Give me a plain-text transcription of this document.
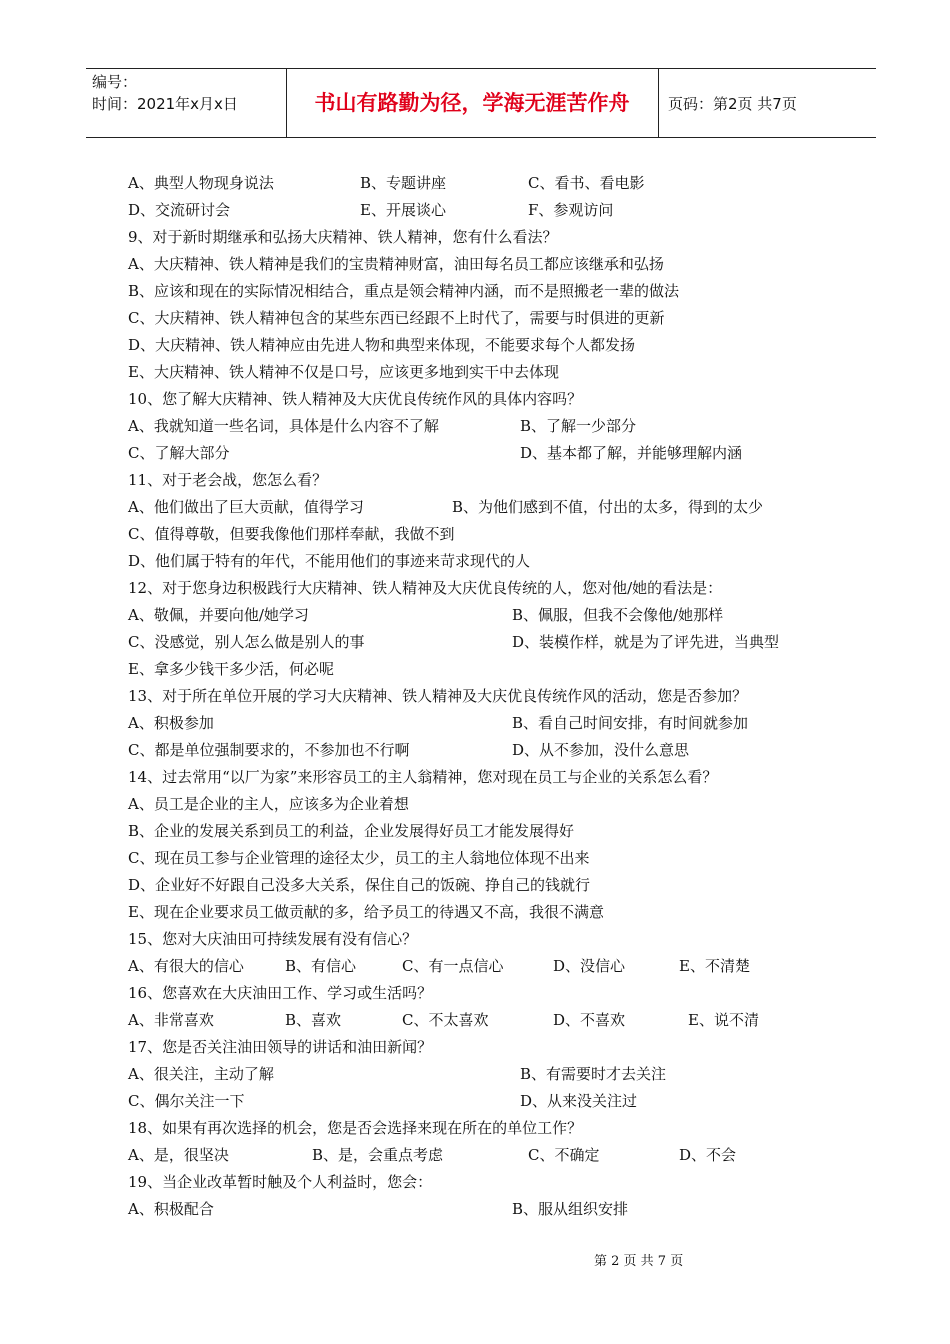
编号：
时间：2021年x月x日	书山有路勤为径，学海无涯苦作舟	页码：第2页 共7页
A、典型人物现身说法	B、专题讲座	C、看书、看电影
D、交流研讨会	E、开展谈心	F、参观访问
9、对于新时期继承和弘扬大庆精神、铁人精神，您有什么看法？
A、大庆精神、铁人精神是我们的宝贵精神财富，油田每名员工都应该继承和弘扬
B、应该和现在的实际情况相结合，重点是领会精神内涵，而不是照搬老一辈的做法
C、大庆精神、铁人精神包含的某些东西已经跟不上时代了，需要与时俱进的更新
D、大庆精神、铁人精神应由先进人物和典型来体现，不能要求每个人都发扬
E、大庆精神、铁人精神不仅是口号，应该更多地到实干中去体现
10、您了解大庆精神、铁人精神及大庆优良传统作风的具体内容吗？
A、我就知道一些名词，具体是什么内容不了解	B、了解一少部分
C、了解大部分	D、基本都了解，并能够理解内涵
11、对于老会战，您怎么看？
A、他们做出了巨大贡献，值得学习	B、为他们感到不值，付出的太多，得到的太少
C、值得尊敬，但要我像他们那样奉献，我做不到
D、他们属于特有的年代，不能用他们的事迹来苛求现代的人
12、对于您身边积极践行大庆精神、铁人精神及大庆优良传统的人，您对他/她的看法是：
A、敬佩，并要向他/她学习	B、佩服，但我不会像他/她那样
C、没感觉，别人怎么做是别人的事	D、装模作样，就是为了评先进，当典型
E、拿多少钱干多少活，何必呢
13、对于所在单位开展的学习大庆精神、铁人精神及大庆优良传统作风的活动，您是否参加？
A、积极参加	B、看自己时间安排，有时间就参加
C、都是单位强制要求的，不参加也不行啊	D、从不参加，没什么意思
14、过去常用“以厂为家”来形容员工的主人翁精神，您对现在员工与企业的关系怎么看？
A、员工是企业的主人，应该多为企业着想
B、企业的发展关系到员工的利益，企业发展得好员工才能发展得好
C、现在员工参与企业管理的途径太少，员工的主人翁地位体现不出来
D、企业好不好跟自己没多大关系，保住自己的饭碗、挣自己的钱就行
E、现在企业要求员工做贡献的多，给予员工的待遇又不高，我很不满意
15、您对大庆油田可持续发展有没有信心？
A、有很大的信心	B、有信心	C、有一点信心	D、没信心	E、不清楚
16、您喜欢在大庆油田工作、学习或生活吗？
A、非常喜欢	B、喜欢	C、不太喜欢	D、不喜欢	E、说不清
17、您是否关注油田领导的讲话和油田新闻？
A、很关注，主动了解	B、有需要时才去关注
C、偶尔关注一下	D、从来没关注过
18、如果有再次选择的机会，您是否会选择来现在所在的单位工作？
A、是，很坚决	B、是，会重点考虑	C、不确定	D、不会
19、当企业改革暂时触及个人利益时，您会：
A、积极配合	B、服从组织安排
第 2 页 共 7 页
